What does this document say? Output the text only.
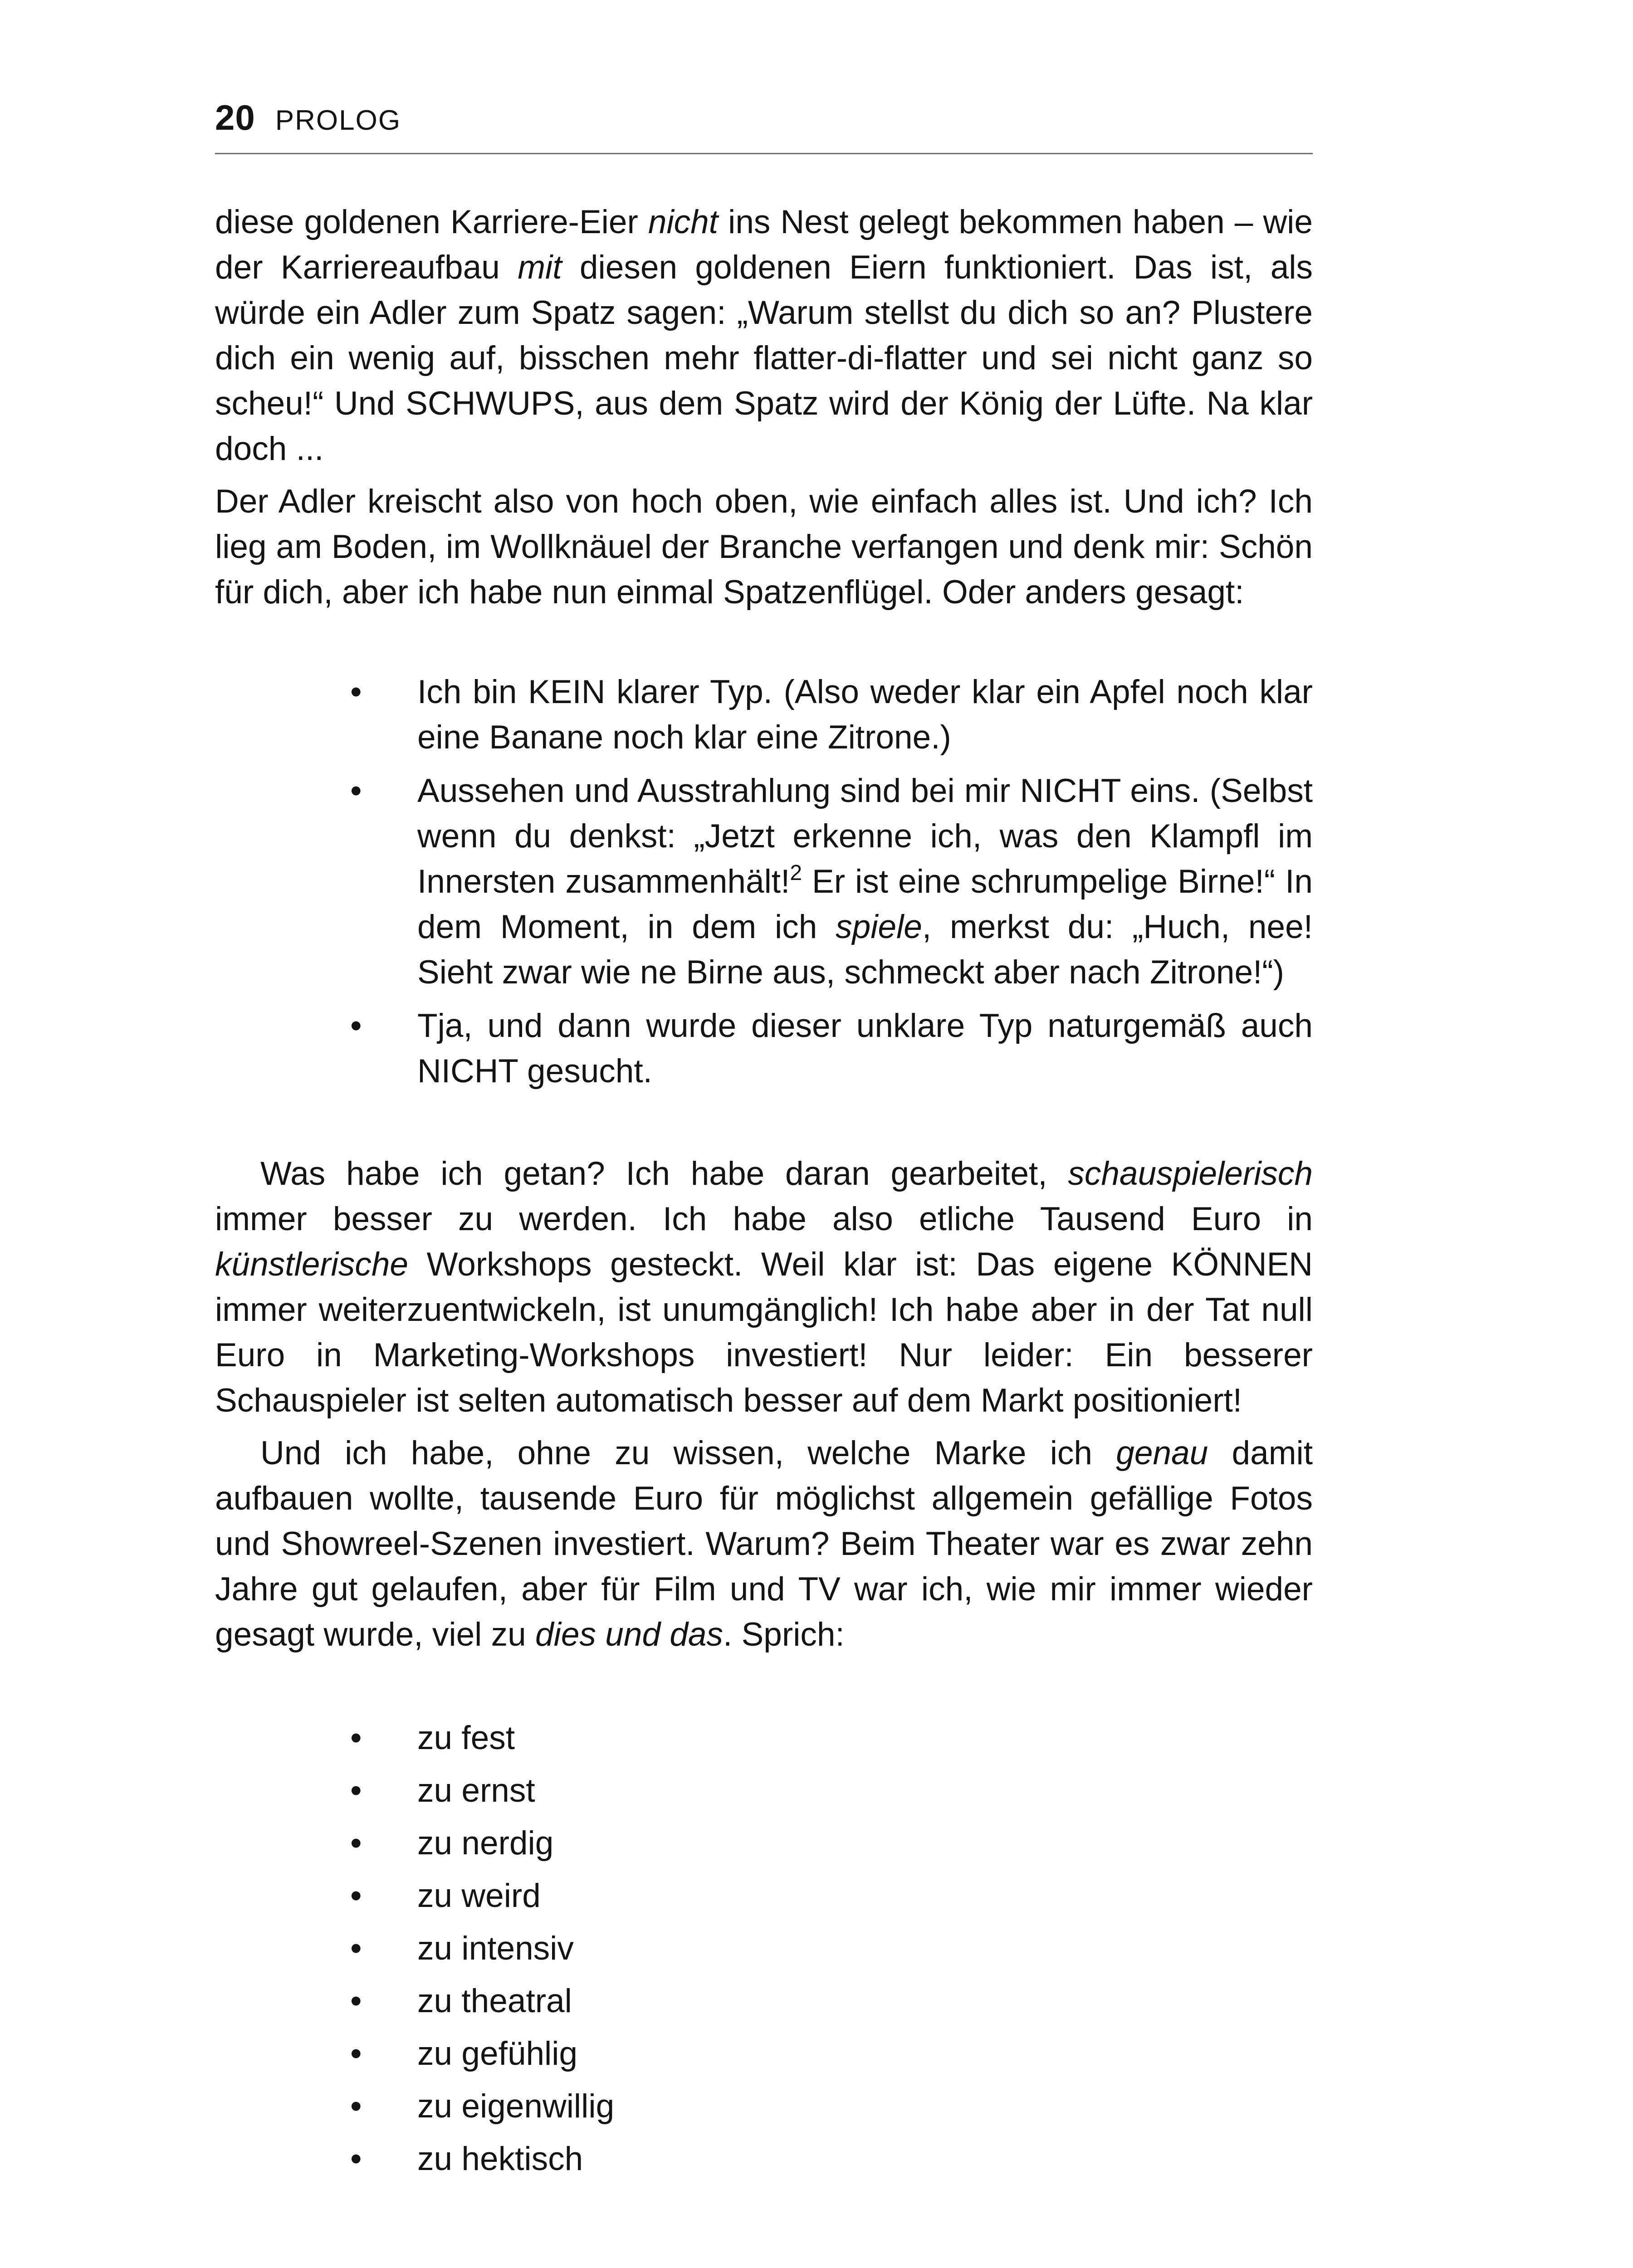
20 PROLOG

diese goldenen Karriere-Eier nicht ins Nest gelegt bekommen haben – wie der Karriereaufbau mit diesen goldenen Eiern funktioniert. Das ist, als würde ein Adler zum Spatz sagen: „Warum stellst du dich so an? Plustere dich ein wenig auf, bisschen mehr flatter-di-flatter und sei nicht ganz so scheu!“ Und SCHWUPS, aus dem Spatz wird der König der Lüfte. Na klar doch ...

Der Adler kreischt also von hoch oben, wie einfach alles ist. Und ich? Ich lieg am Boden, im Wollknäuel der Branche verfangen und denk mir: Schön für dich, aber ich habe nun einmal Spatzenflügel. Oder anders gesagt:

• Ich bin KEIN klarer Typ. (Also weder klar ein Apfel noch klar eine Banane noch klar eine Zitrone.)
• Aussehen und Ausstrahlung sind bei mir NICHT eins. (Selbst wenn du denkst: „Jetzt erkenne ich, was den Klampfl im Innersten zusammenhält!$^2$ Er ist eine schrumpelige Birne!“ In dem Moment, in dem ich spiele, merkst du: „Huch, nee! Sieht zwar wie ne Birne aus, schmeckt aber nach Zitrone!“)
• Tja, und dann wurde dieser unklare Typ naturgemäß auch NICHT gesucht.

Was habe ich getan? Ich habe daran gearbeitet, schauspielerisch immer besser zu werden. Ich habe also etliche Tausend Euro in künstlerische Workshops gesteckt. Weil klar ist: Das eigene KÖNNEN immer weiterzuentwickeln, ist unumgänglich! Ich habe aber in der Tat null Euro in Marketing-Workshops investiert! Nur leider: Ein besserer Schauspieler ist selten automatisch besser auf dem Markt positioniert!

Und ich habe, ohne zu wissen, welche Marke ich genau damit aufbauen wollte, tausende Euro für möglichst allgemein gefällige Fotos und Showreel-Szenen investiert. Warum? Beim Theater war es zwar zehn Jahre gut gelaufen, aber für Film und TV war ich, wie mir immer wieder gesagt wurde, viel zu dies und das. Sprich:

• zu fest
• zu ernst
• zu nerdig
• zu weird
• zu intensiv
• zu theatral
• zu gefühlig
• zu eigenwillig
• zu hektisch
